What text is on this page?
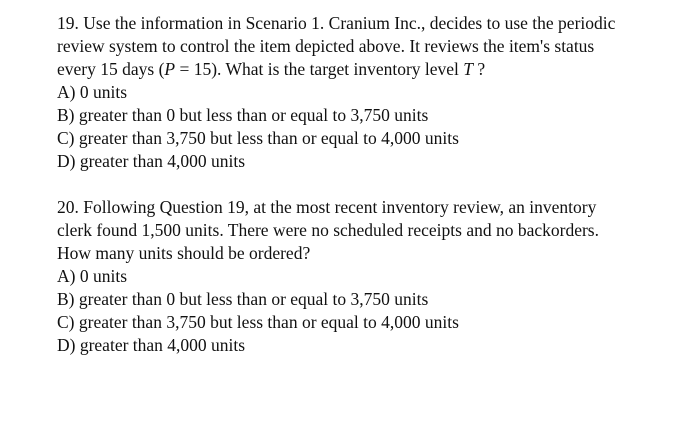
19. Use the information in Scenario 1. Cranium Inc., decides to use the periodic
review system to control the item depicted above. It reviews the item's status
every 15 days (P = 15). What is the target inventory level T ?

A) 0 units
B) greater than 0 but less than or equal to 3,750 units
C) greater than 3,750 but less than or equal to 4,000 units
D) greater than 4,000 units

20. Following Question 19, at the most recent inventory review, an inventory
clerk found 1,500 units. There were no scheduled receipts and no backorders.
How many units should be ordered?

A) 0 units
B) greater than 0 but less than or equal to 3,750 units
C) greater than 3,750 but less than or equal to 4,000 units
D) greater than 4,000 units
